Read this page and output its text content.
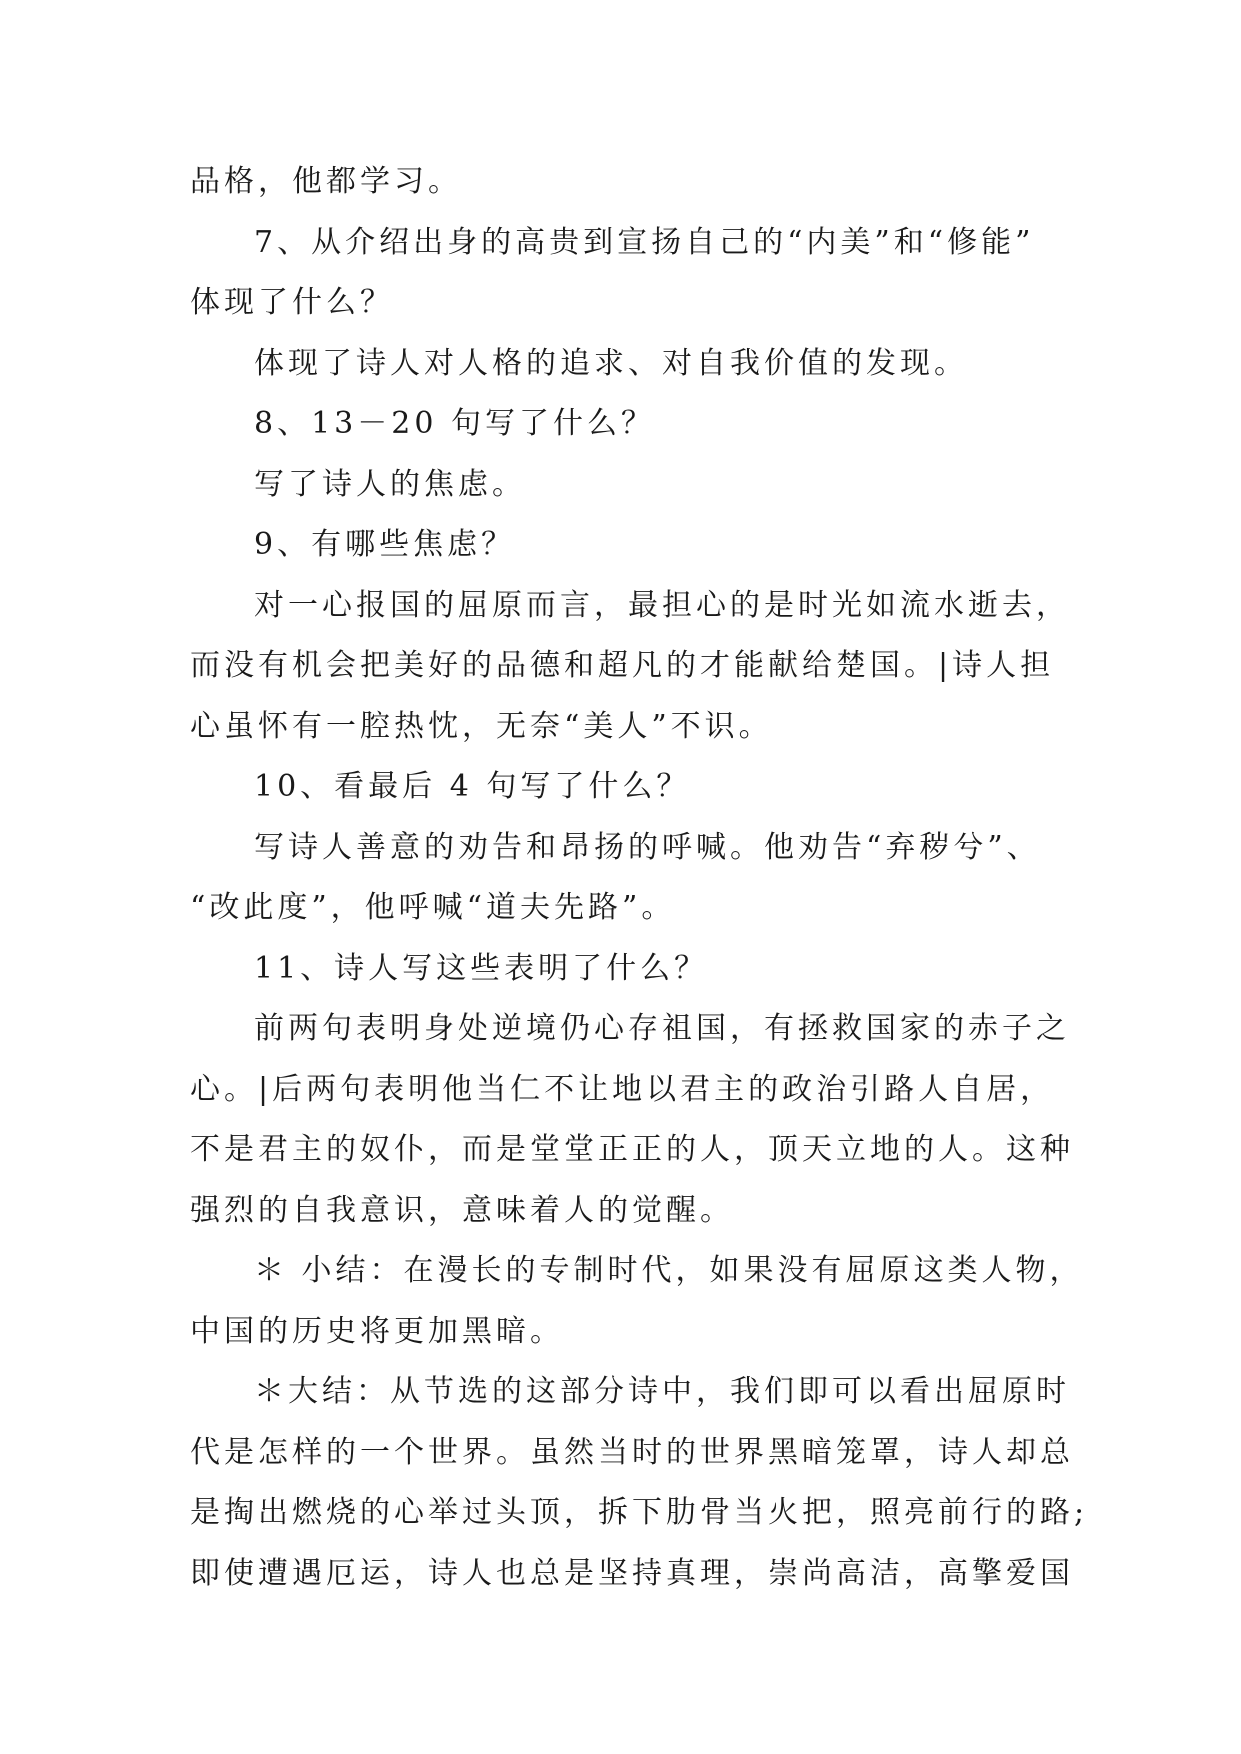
品格，他都学习。
7、从介绍出身的高贵到宣扬自己的“内美”和“修能”
体现了什么？
体现了诗人对人格的追求、对自我价值的发现。
8、13－20 句写了什么？
写了诗人的焦虑。
9、有哪些焦虑？
对一心报国的屈原而言，最担心的是时光如流水逝去，
而没有机会把美好的品德和超凡的才能献给楚国。|诗人担
心虽怀有一腔热忱，无奈“美人”不识。
10、看最后 4 句写了什么？
写诗人善意的劝告和昂扬的呼喊。他劝告“弃秽兮”、
“改此度”，他呼喊“道夫先路”。
11、诗人写这些表明了什么？
前两句表明身处逆境仍心存祖国，有拯救国家的赤子之
心。|后两句表明他当仁不让地以君主的政治引路人自居，
不是君主的奴仆，而是堂堂正正的人，顶天立地的人。这种
强烈的自我意识，意味着人的觉醒。
＊ 小结：在漫长的专制时代，如果没有屈原这类人物，
中国的历史将更加黑暗。
＊大结：从节选的这部分诗中，我们即可以看出屈原时
代是怎样的一个世界。虽然当时的世界黑暗笼罩，诗人却总
是掏出燃烧的心举过头顶，拆下肋骨当火把，照亮前行的路;
即使遭遇厄运，诗人也总是坚持真理，崇尚高洁，高擎爱国
